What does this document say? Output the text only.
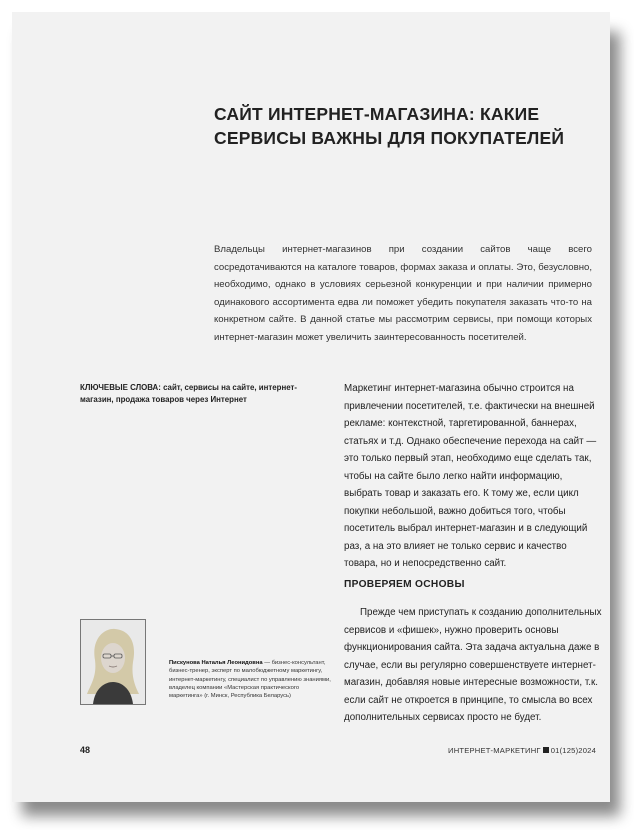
САЙТ ИНТЕРНЕТ-МАГАЗИНА: КАКИЕ
СЕРВИСЫ ВАЖНЫ ДЛЯ ПОКУПАТЕЛЕЙ

Владельцы интернет-магазинов при создании сайтов чаще всего сосредотачиваются на каталоге товаров, формах заказа и оплаты. Это, безусловно, необходимо, однако в условиях серьезной конкуренции и при наличии примерно одинакового ассортимента едва ли поможет убедить покупателя заказать что-то на конкретном сайте. В данной статье мы рассмотрим сервисы, при помощи которых интернет-магазин может увеличить заинтересованность посетителей.

КЛЮЧЕВЫЕ СЛОВА: сайт, сервисы на сайте, интернет-магазин, продажа товаров через Интернет

Маркетинг интернет-магазина обычно строится на привлечении посетителей, т.е. фактически на внешней рекламе: контекстной, таргетированной, баннерах, статьях и т.д. Однако обеспечение перехода на сайт — это только первый этап, необходимо еще сделать так, чтобы на сайте было легко найти информацию, выбрать товар и заказать его. К тому же, если цикл покупки небольшой, важно добиться того, чтобы посетитель выбрал интернет-магазин и в следующий раз, а на это влияет не только сервис и качество товара, но и непосредственно сайт.

ПРОВЕРЯЕМ ОСНОВЫ

Прежде чем приступать к созданию дополнительных сервисов и «фишек», нужно проверить основы функционирования сайта. Эта задача актуальна даже в случае, если вы регулярно совершенствуете интернет-магазин, добавляя новые интересные возможности, т.к. если сайт не откроется в принципе, то смысла во всех дополнительных сервисах просто не будет.

Пискунова Наталья Леонидовна — бизнес-консультант, бизнес-тренер, эксперт по малобюджетному маркетингу, интернет-маркетингу, специалист по управлению знаниями, владелец компании «Мастерская практического маркетинга» (г. Минск, Республика Беларусь)
48	ИНТЕРНЕТ-МАРКЕТИНГ 01(125)2024
